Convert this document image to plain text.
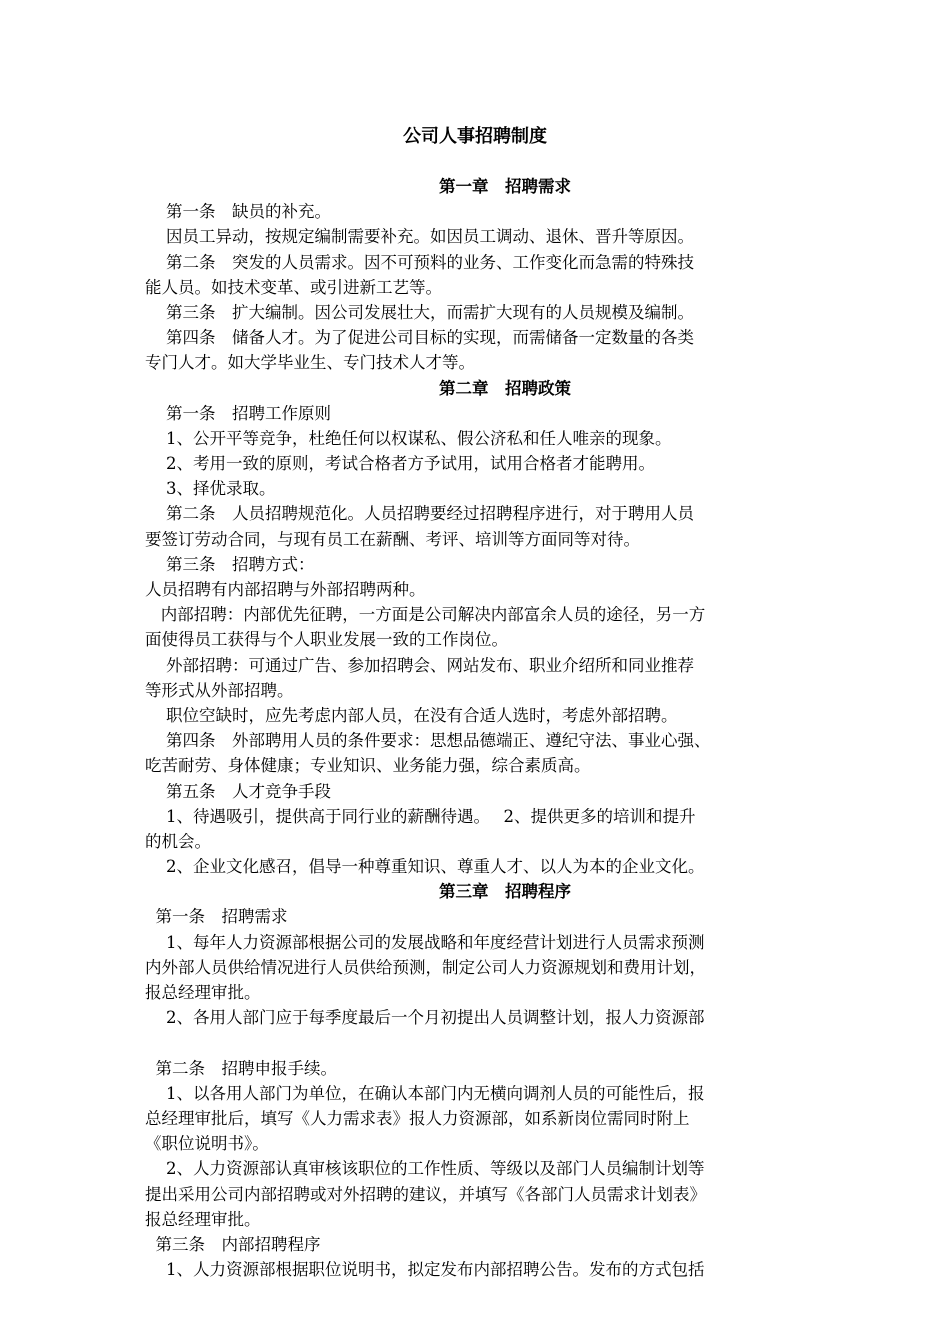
公司人事招聘制度
第一章　招聘需求
第一条　缺员的补充。
因员工异动，按规定编制需要补充。如因员工调动、退休、晋升等原因。
第二条　突发的人员需求。因不可预料的业务、工作变化而急需的特殊技
能人员。如技术变革、或引进新工艺等。
第三条　扩大编制。因公司发展壮大，而需扩大现有的人员规模及编制。
第四条　储备人才。为了促进公司目标的实现，而需储备一定数量的各类
专门人才。如大学毕业生、专门技术人才等。
第二章　招聘政策
第一条　招聘工作原则
1、公开平等竞争，杜绝任何以权谋私、假公济私和任人唯亲的现象。
2、考用一致的原则，考试合格者方予试用，试用合格者才能聘用。
3、择优录取。
第二条　人员招聘规范化。人员招聘要经过招聘程序进行，对于聘用人员
要签订劳动合同，与现有员工在薪酬、考评、培训等方面同等对待。
第三条　招聘方式：
人员招聘有内部招聘与外部招聘两种。
内部招聘：内部优先征聘，一方面是公司解决内部富余人员的途径，另一方
面使得员工获得与个人职业发展一致的工作岗位。
外部招聘：可通过广告、参加招聘会、网站发布、职业介绍所和同业推荐
等形式从外部招聘。
职位空缺时，应先考虑内部人员，在没有合适人选时，考虑外部招聘。
第四条　外部聘用人员的条件要求：思想品德端正、遵纪守法、事业心强、
吃苦耐劳、身体健康；专业知识、业务能力强，综合素质高。
第五条　人才竞争手段
1、待遇吸引，提供高于同行业的薪酬待遇。　 2、提供更多的培训和提升
的机会。
2、企业文化感召，倡导一种尊重知识、尊重人才、以人为本的企业文化。
第三章　招聘程序
第一条　招聘需求
1、每年人力资源部根据公司的发展战略和年度经营计划进行人员需求预测
内外部人员供给情况进行人员供给预测，制定公司人力资源规划和费用计划，
报总经理审批。
2、各用人部门应于每季度最后一个月初提出人员调整计划，报人力资源部
第二条　招聘申报手续。
1、以各用人部门为单位，在确认本部门内无横向调剂人员的可能性后，报
总经理审批后，填写《人力需求表》报人力资源部，如系新岗位需同时附上
《职位说明书》。
2、人力资源部认真审核该职位的工作性质、等级以及部门人员编制计划等
提出采用公司内部招聘或对外招聘的建议，并填写《各部门人员需求计划表》
报总经理审批。
第三条　内部招聘程序
1、人力资源部根据职位说明书，拟定发布内部招聘公告。发布的方式包括
